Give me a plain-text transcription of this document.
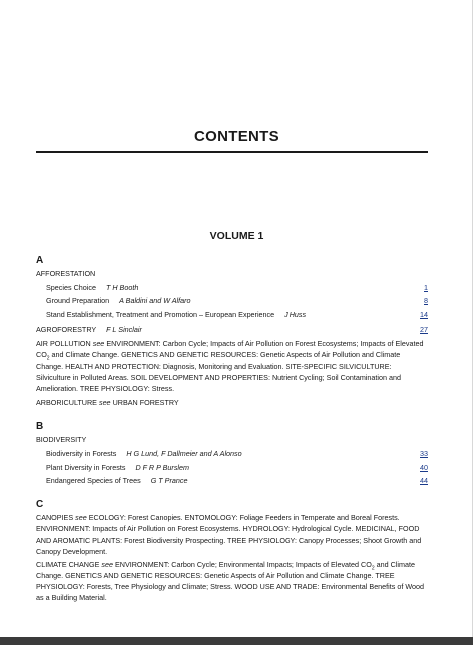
CONTENTS
VOLUME 1
A
AFFORESTATION
Species Choice T H Booth	1
Ground Preparation A Baldini and W Alfaro	8
Stand Establishment, Treatment and Promotion – European Experience J Huss	14
AGROFORESTRY F L Sinclair	27
AIR POLLUTION see ENVIRONMENT: Carbon Cycle; Impacts of Air Pollution on Forest Ecosystems; Impacts of Elevated $CO_2$ and Climate Change. GENETICS AND GENETIC RESOURCES: Genetic Aspects of Air Pollution and Climate Change. HEALTH AND PROTECTION: Diagnosis, Monitoring and Evaluation. SITE-SPECIFIC SILVICULTURE: Silviculture in Polluted Areas. SOIL DEVELOPMENT AND PROPERTIES: Nutrient Cycling; Soil Contamination and Amelioration. TREE PHYSIOLOGY: Stress.
ARBORICULTURE see URBAN FORESTRY
B
BIODIVERSITY
Biodiversity in Forests H G Lund, F Dallmeier and A Alonso	33
Plant Diversity in Forests D F R P Burslem	40
Endangered Species of Trees G T Prance	44
C
CANOPIES see ECOLOGY: Forest Canopies. ENTOMOLOGY: Foliage Feeders in Temperate and Boreal Forests. ENVIRONMENT: Impacts of Air Pollution on Forest Ecosystems. HYDROLOGY: Hydrological Cycle. MEDICINAL, FOOD AND AROMATIC PLANTS: Forest Biodiversity Prospecting. TREE PHYSIOLOGY: Canopy Processes; Shoot Growth and Canopy Development.
CLIMATE CHANGE see ENVIRONMENT: Carbon Cycle; Environmental Impacts; Impacts of Elevated $CO_2$ and Climate Change. GENETICS AND GENETIC RESOURCES: Genetic Aspects of Air Pollution and Climate Change. TREE PHYSIOLOGY: Forests, Tree Physiology and Climate; Stress. WOOD USE AND TRADE: Environmental Benefits of Wood as a Building Material.
